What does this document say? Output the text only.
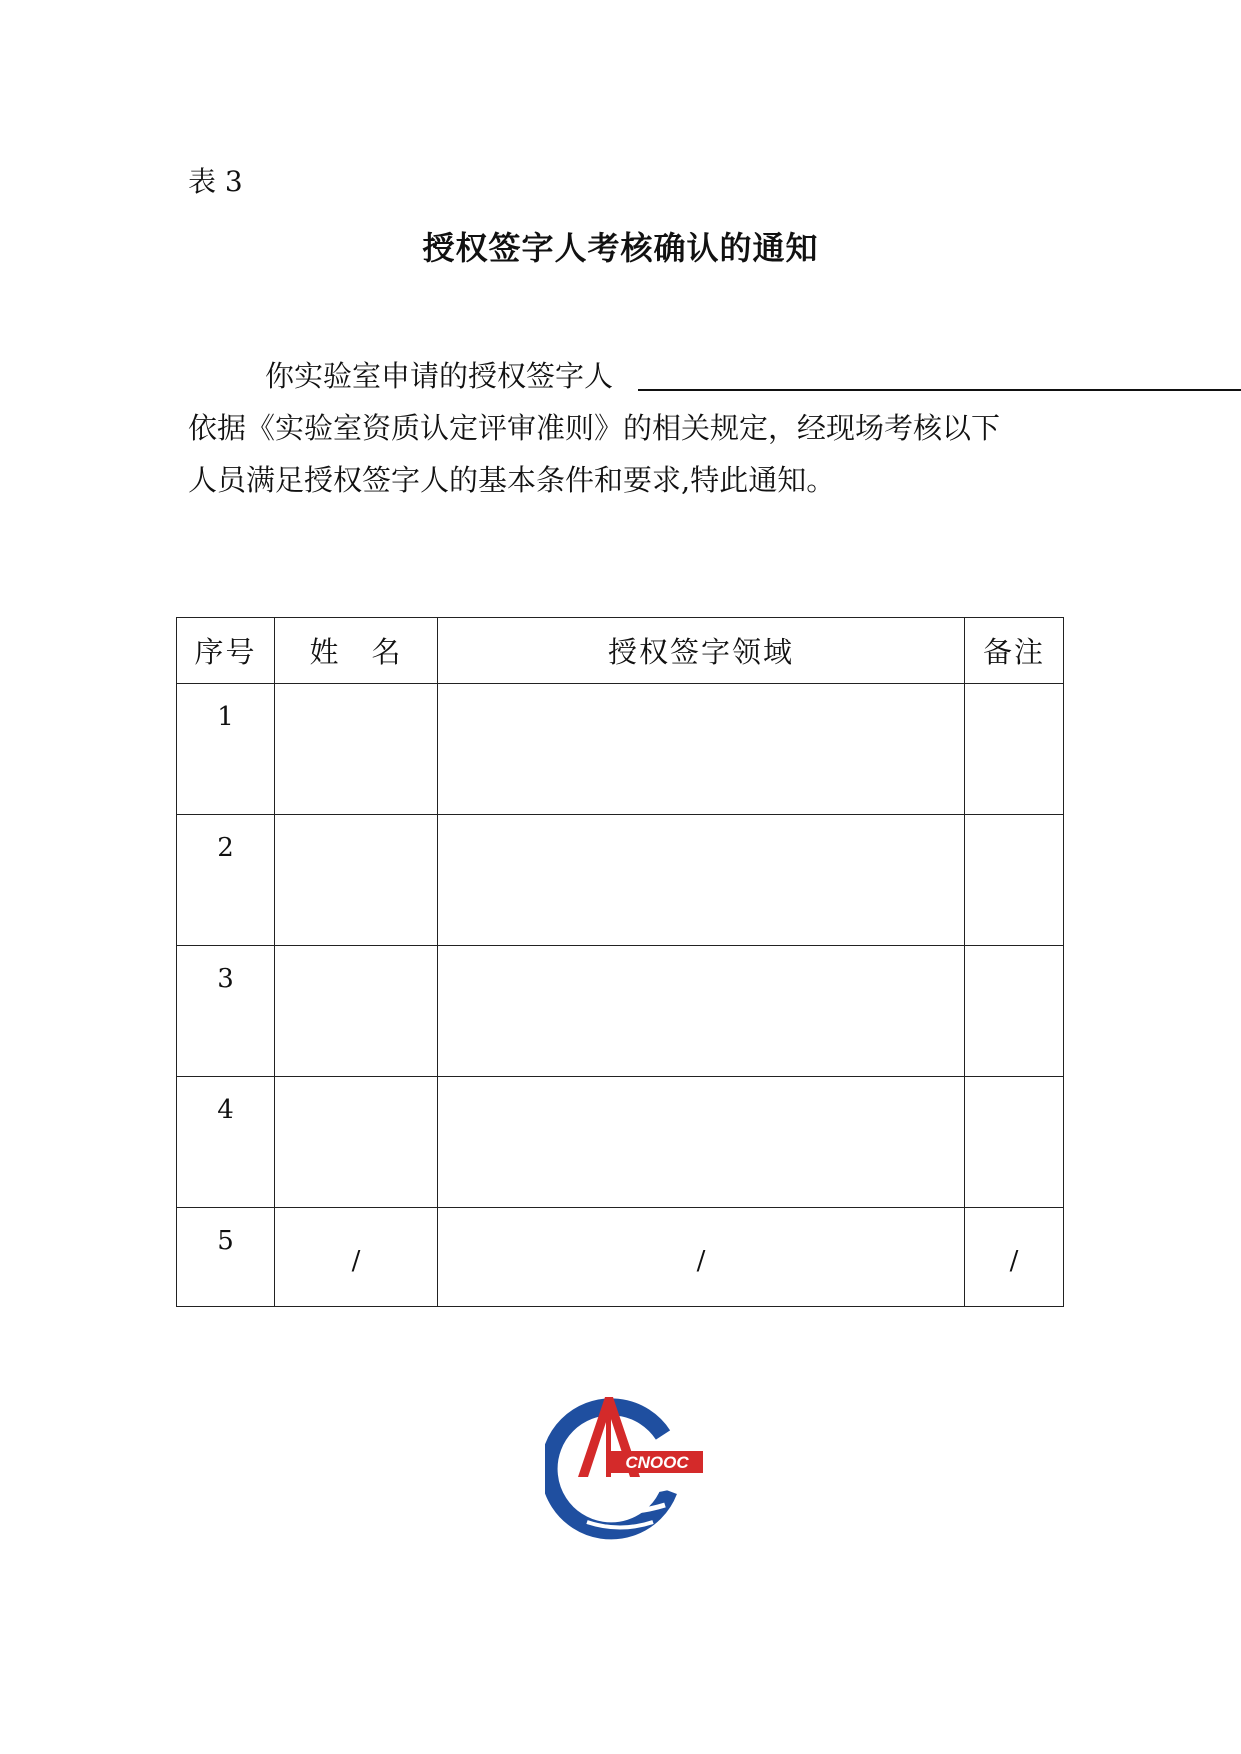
表 3
授权签字人考核确认的通知
你实验室申请的授权签字人
依据《实验室资质认定评审准则》的相关规定，经现场考核以下
人员满足授权签字人的基本条件和要求,特此通知。
序号	姓　名	授权签字领域	备注

1			

2			

3			

4			

5	/	/	/
CNOOC
